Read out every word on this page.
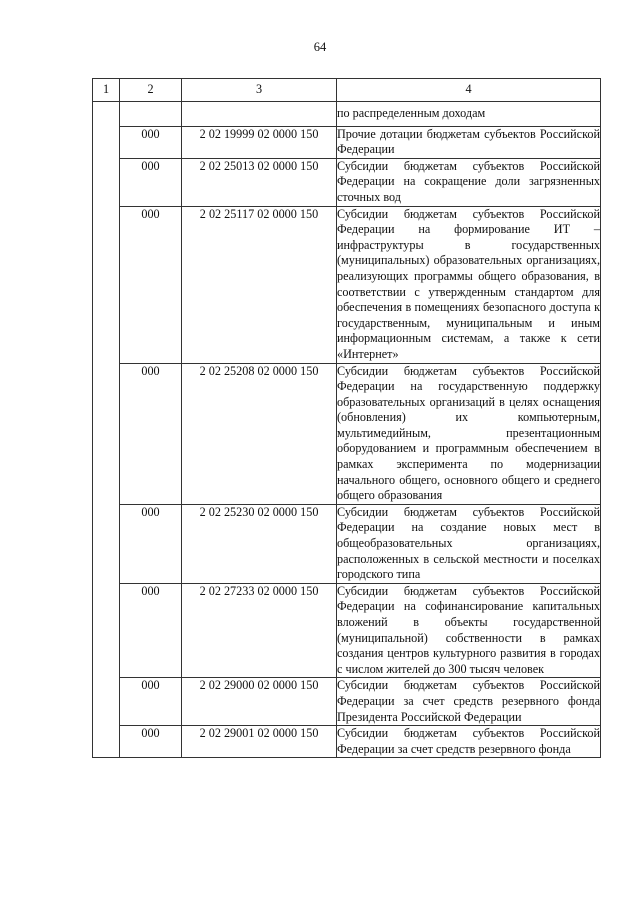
64
1	2	3	4
			по распределенным доходам
	000	2 02 19999 02 0000 150	Прочие дотации бюджетам субъектов Российской Федерации
	000	2 02 25013 02 0000 150	Субсидии бюджетам субъектов Российской Федерации на сокращение доли загрязненных сточных вод
	000	2 02 25117 02 0000 150	Субсидии бюджетам субъектов Российской Федерации на формирование ИТ – инфраструктуры в государственных (муниципальных) образовательных организациях, реализующих программы общего образования, в соответствии с утвержденным стандартом для обеспечения в помещениях безопасного доступа к государственным, муниципальным и иным информационным системам, а также к сети «Интернет»
	000	2 02 25208 02 0000 150	Субсидии бюджетам субъектов Российской Федерации на государственную поддержку образовательных организаций в целях оснащения (обновления) их компьютерным, мультимедийным, презентационным оборудованием и программным обеспечением в рамках эксперимента по модернизации начального общего, основного общего и среднего общего образования
	000	2 02 25230 02 0000 150	Субсидии бюджетам субъектов Российской Федерации на создание новых мест в общеобразовательных организациях, расположенных в сельской местности и поселках городского типа
	000	2 02 27233 02 0000 150	Субсидии бюджетам субъектов Российской Федерации на софинансирование капитальных вложений в объекты государственной (муниципальной) собственности в рамках создания центров культурного развития в городах с числом жителей до 300 тысяч человек
	000	2 02 29000 02 0000 150	Субсидии бюджетам субъектов Российской Федерации за счет средств резервного фонда Президента Российской Федерации
	000	2 02 29001 02 0000 150	Субсидии бюджетам субъектов Российской Федерации за счет средств резервного фонда
